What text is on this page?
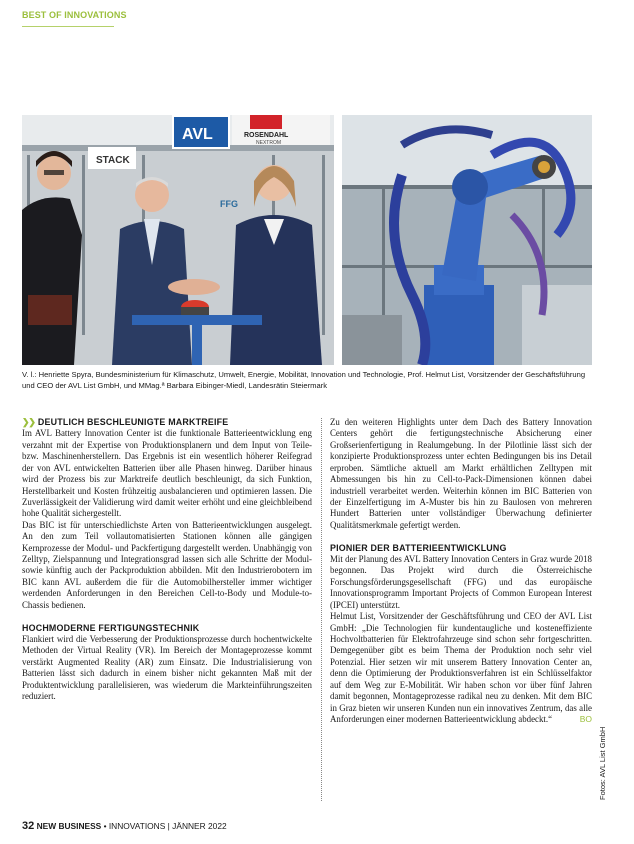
BEST OF INNOVATIONS
ROSENDAHL
NEXTROM
AVL
STACK
FFG
V. l.: Henriette Spyra, Bundesministerium für Klimaschutz, Umwelt, Energie, Mobilität, Innovation und Technologie, Prof. Helmut List, Vorsitzender der Geschäftsführung und CEO der AVL List GmbH, und MMag.ª Barbara Eibinger-Miedl, Landesrätin Steiermark
❯❯ DEUTLICH BESCHLEUNIGTE MARKTREIFE

Im AVL Battery Innovation Center ist die funktionale Batterieentwicklung eng verzahnt mit der Expertise von Produktionsplanern und dem Input von Teile- bzw. Maschinenherstellern. Das Ergebnis ist ein wesentlich höherer Reifegrad der von AVL entwickelten Batterien über alle Phasen hinweg. Darüber hinaus wird der Prozess bis zur Marktreife deutlich beschleunigt, da sich Funktion, Herstellbarkeit und Kosten frühzeitig ausbalancieren und optimieren lassen. Die Zuverlässigkeit der Validierung wird damit weiter erhöht und eine gleichbleibend hohe Qualität sichergestellt.

Das BIC ist für unterschiedlichste Arten von Batterieentwicklungen ausgelegt. An den zum Teil vollautomatisierten Stationen können alle gängigen Kernprozesse der Modul- und Packfertigung dargestellt werden. Unabhängig von Zelltyp, Zielspannung und Integrationsgrad lassen sich alle Schritte der Modul- sowie künftig auch der Packproduktion abbilden. Mit den Industrierobotern im BIC kann AVL außerdem die für die Automobilhersteller immer wichtiger werdenden Anforderungen in den Bereichen Cell-to-Body und Module-to-Chassis bedienen.

HOCHMODERNE FERTIGUNGSTECHNIK

Flankiert wird die Verbesserung der Produktionsprozesse durch hochentwickelte Methoden der Virtual Reality (VR). Im Bereich der Montageprozesse kommt verstärkt Augmented Reality (AR) zum Einsatz. Die Industrialisierung von Batterien lässt sich dadurch in einem bisher nicht gekannten Maß mit der Produktentwicklung parallelisieren, was wiederum die Markteinführungszeiten reduziert.

Zu den weiteren Highlights unter dem Dach des Battery Innovation Centers gehört die fertigungstechnische Absicherung einer Großserienfertigung in Realumgebung. In der Pilotlinie lässt sich der konzipierte Produktionsprozess unter echten Bedingungen bis ins Detail erproben. Sämtliche aktuell am Markt erhältlichen Zelltypen mit Abmessungen bis hin zu Cell-to-Pack-Dimensionen können dabei industriell verarbeitet werden. Weiterhin können im BIC Batterien von der Einzelfertigung im A-Muster bis hin zu Baulosen von mehreren Hundert Batterien unter vollständiger Überwachung definierter Qualitätsmerkmale gefertigt werden.

PIONIER DER BATTERIEENTWICKLUNG

Mit der Planung des AVL Battery Innovation Centers in Graz wurde 2018 begonnen. Das Projekt wird durch die Österreichische Forschungsförderungsgesellschaft (FFG) und das europäische Innovationsprogramm Important Projects of Common European Interest (IPCEI) unterstützt.

Helmut List, Vorsitzender der Geschäftsführung und CEO der AVL List GmbH: „Die Technologien für kundentaugliche und kosteneffiziente Hochvoltbatterien für Elektrofahrzeuge sind schon sehr fortgeschritten. Demgegenüber gibt es beim Thema der Produktion noch sehr viel Potenzial. Hier setzen wir mit unserem Battery Innovation Center an, denn die Optimierung der Produktionsverfahren ist ein Schlüsselfaktor auf dem Weg zur E-Mobilität. Wir haben schon vor über fünf Jahren damit begonnen, Montageprozesse radikal neu zu denken. Mit dem BIC in Graz bieten wir unseren Kunden nun ein innovatives Zentrum, das alle Anforderungen einer modernen Batterieentwicklung abdeckt.“	BO

Fotos: AVL List GmbH
32 NEW BUSINESS • INNOVATIONS | JÄNNER 2022
